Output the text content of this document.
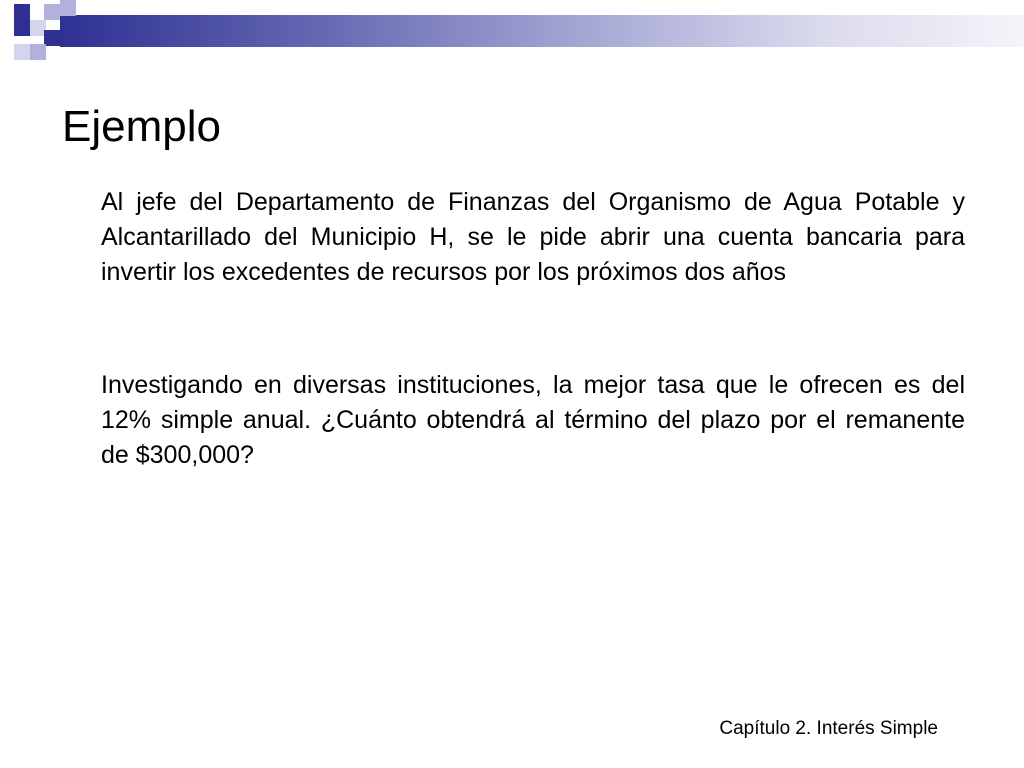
Ejemplo

Al jefe del Departamento de Finanzas del Organismo de Agua Potable y Alcantarillado del Municipio H, se le pide abrir una cuenta bancaria para invertir los excedentes de recursos por los próximos dos años

Investigando en diversas instituciones, la mejor tasa que le ofrecen es del 12% simple anual. ¿Cuánto obtendrá al término del plazo por el remanente de $300,000?

Capítulo 2. Interés Simple
